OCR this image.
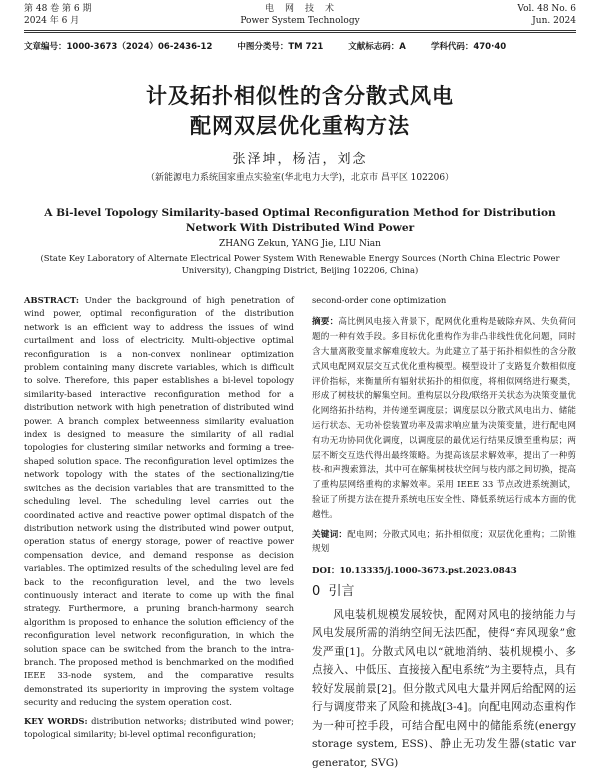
第 48 卷 第 6 期
2024 年 6 月
电　网　技　术
Power System Technology
Vol. 48 No. 6
Jun. 2024
文章编号：1000-3673（2024）06-2436-12	中图分类号：TM 721	文献标志码：A	学科代码：470·40
计及拓扑相似性的含分散式风电
配网双层优化重构方法
张泽坤，杨洁，刘念
（新能源电力系统国家重点实验室(华北电力大学)，北京市 昌平区 102206）
A Bi-level Topology Similarity-based Optimal Reconfiguration Method for Distribution Network With Distributed Wind Power
ZHANG Zekun, YANG Jie, LIU Nian
(State Key Laboratory of Alternate Electrical Power System With Renewable Energy Sources (North China Electric Power University), Changping District, Beijing 102206, China)

ABSTRACT: Under the background of high penetration of wind power, optimal reconfiguration of the distribution network is an efficient way to address the issues of wind curtailment and loss of electricity. Multi-objective optimal reconfiguration is a non-convex nonlinear optimization problem containing many discrete variables, which is difficult to solve. Therefore, this paper establishes a bi-level topology similarity-based interactive reconfiguration method for a distribution network with high penetration of distributed wind power. A branch complex betweenness similarity evaluation index is designed to measure the similarity of all radial topologies for clustering similar networks and forming a tree-shaped solution space. The reconfiguration level optimizes the network topology with the states of the sectionalizing/tie switches as the decision variables that are transmitted to the scheduling level. The scheduling level carries out the coordinated active and reactive power optimal dispatch of the distribution network using the distributed wind power output, operation status of energy storage, power of reactive power compensation device, and demand response as decision variables. The optimized results of the scheduling level are fed back to the reconfiguration level, and the two levels continuously interact and iterate to come up with the final strategy. Furthermore, a pruning branch-harmony search algorithm is proposed to enhance the solution efficiency of the reconfiguration level network reconfiguration, in which the solution space can be switched from the branch to the intra-branch. The proposed method is benchmarked on the modified IEEE 33-node system, and the comparative results demonstrated its superiority in improving the system voltage security and reducing the system operation cost.

KEY WORDS: distribution networks; distributed wind power; topological similarity; bi-level optimal reconfiguration;

second-order cone optimization

摘要：高比例风电接入背景下，配网优化重构是破除弃风、失负荷问题的一种有效手段。多目标优化重构作为非凸非线性优化问题，同时含大量离散变量求解难度较大。为此建立了基于拓扑相似性的含分散式风电配网双层交互式优化重构模型。模型设计了支路复介数相似度评价指标，来衡量所有辐射状拓扑的相似度，将相似网络进行聚类，形成了树枝状的解集空间。重构层以分段/联络开关状态为决策变量优化网络拓扑结构，并传递至调度层；调度层以分散式风电出力、储能运行状态、无功补偿装置功率及需求响应量为决策变量，进行配电网有功无功协同优化调度，以调度层的最优运行结果反馈至重构层；两层不断交互迭代得出最终策略。为提高该层求解效率，提出了一种剪枝-和声搜索算法，其中可在解集树枝状空间与枝内部之间切换，提高了重构层网络重构的求解效率。采用 IEEE 33 节点改进系统测试，验证了所提方法在提升系统电压安全性、降低系统运行成本方面的优越性。

关键词：配电网；分散式风电；拓扑相似度；双层优化重构；二阶锥规划

DOI：10.13335/j.1000-3673.pst.2023.0843

0 引言

风电装机规模发展较快，配网对风电的接纳能力与风电发展所需的消纳空间无法匹配，使得“弃风现象”愈发严重[1]。分散式风电以“就地消纳、装机规模小、多点接入、中低压、直接接入配电系统”为主要特点，具有较好发展前景[2]。但分散式风电大量并网后给配网的运行与调度带来了风险和挑战[3-4]。向配电网动态重构作为一种可控手段，可结合配电网中的储能系统(energy storage system, ESS)、静止无功发生器(static var generator, SVG)
